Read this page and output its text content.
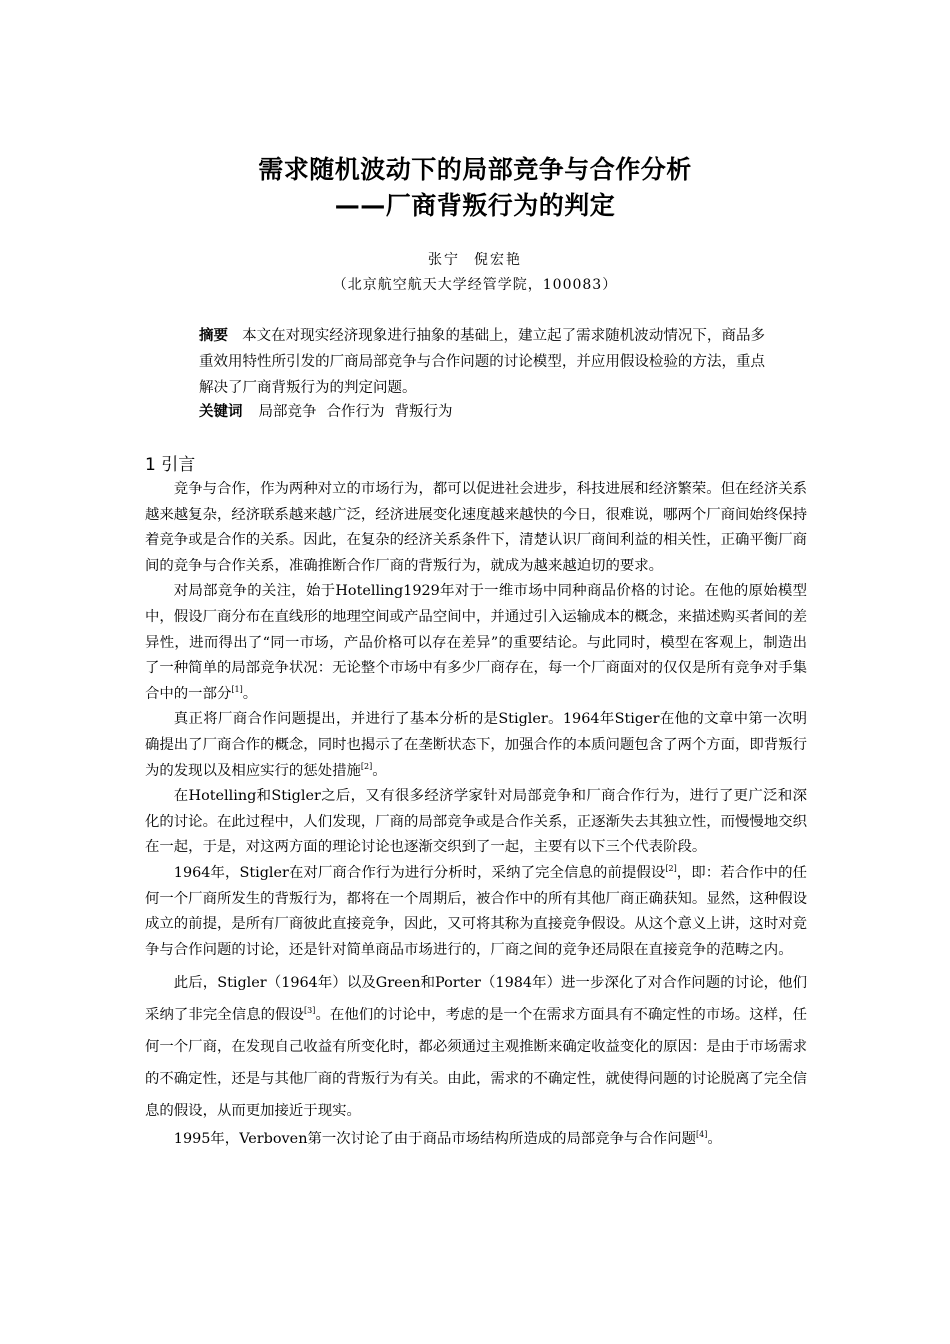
需求随机波动下的局部竞争与合作分析
——厂商背叛行为的判定
张宁 倪宏艳
（北京航空航天大学经管学院，100083）
摘要 本文在对现实经济现象进行抽象的基础上，建立起了需求随机波动情况下，商品多重效用特性所引发的厂商局部竞争与合作问题的讨论模型，并应用假设检验的方法，重点解决了厂商背叛行为的判定问题。
关键词 局部竞争 合作行为 背叛行为
1 引言

竞争与合作，作为两种对立的市场行为，都可以促进社会进步，科技进展和经济繁荣。但在经济关系越来越复杂，经济联系越来越广泛，经济进展变化速度越来越快的今日，很难说，哪两个厂商间始终保持着竞争或是合作的关系。因此，在复杂的经济关系条件下，清楚认识厂商间利益的相关性，正确平衡厂商间的竞争与合作关系，准确推断合作厂商的背叛行为，就成为越来越迫切的要求。

对局部竞争的关注，始于Hotelling1929年对于一维市场中同种商品价格的讨论。在他的原始模型中，假设厂商分布在直线形的地理空间或产品空间中，并通过引入运输成本的概念，来描述购买者间的差异性，进而得出了“同一市场，产品价格可以存在差异”的重要结论。与此同时，模型在客观上，制造出了一种简单的局部竞争状况：无论整个市场中有多少厂商存在，每一个厂商面对的仅仅是所有竞争对手集合中的一部分[1]。

真正将厂商合作问题提出，并进行了基本分析的是Stigler。1964年Stiger在他的文章中第一次明确提出了厂商合作的概念，同时也揭示了在垄断状态下，加强合作的本质问题包含了两个方面，即背叛行为的发现以及相应实行的惩处措施[2]。

在Hotelling和Stigler之后，又有很多经济学家针对局部竞争和厂商合作行为，进行了更广泛和深化的讨论。在此过程中，人们发现，厂商的局部竞争或是合作关系，正逐渐失去其独立性，而慢慢地交织在一起，于是，对这两方面的理论讨论也逐渐交织到了一起，主要有以下三个代表阶段。

1964年，Stigler在对厂商合作行为进行分析时，采纳了完全信息的前提假设[2]，即：若合作中的任何一个厂商所发生的背叛行为，都将在一个周期后，被合作中的所有其他厂商正确获知。显然，这种假设成立的前提，是所有厂商彼此直接竞争，因此，又可将其称为直接竞争假设。从这个意义上讲，这时对竞争与合作问题的讨论，还是针对简单商品市场进行的，厂商之间的竞争还局限在直接竞争的范畴之内。

此后，Stigler（1964年）以及Green和Porter（1984年）进一步深化了对合作问题的讨论，他们采纳了非完全信息的假设[3]。在他们的讨论中，考虑的是一个在需求方面具有不确定性的市场。这样，任何一个厂商，在发现自己收益有所变化时，都必须通过主观推断来确定收益变化的原因：是由于市场需求的不确定性，还是与其他厂商的背叛行为有关。由此，需求的不确定性，就使得问题的讨论脱离了完全信息的假设，从而更加接近于现实。

1995年，Verboven第一次讨论了由于商品市场结构所造成的局部竞争与合作问题[4]。
